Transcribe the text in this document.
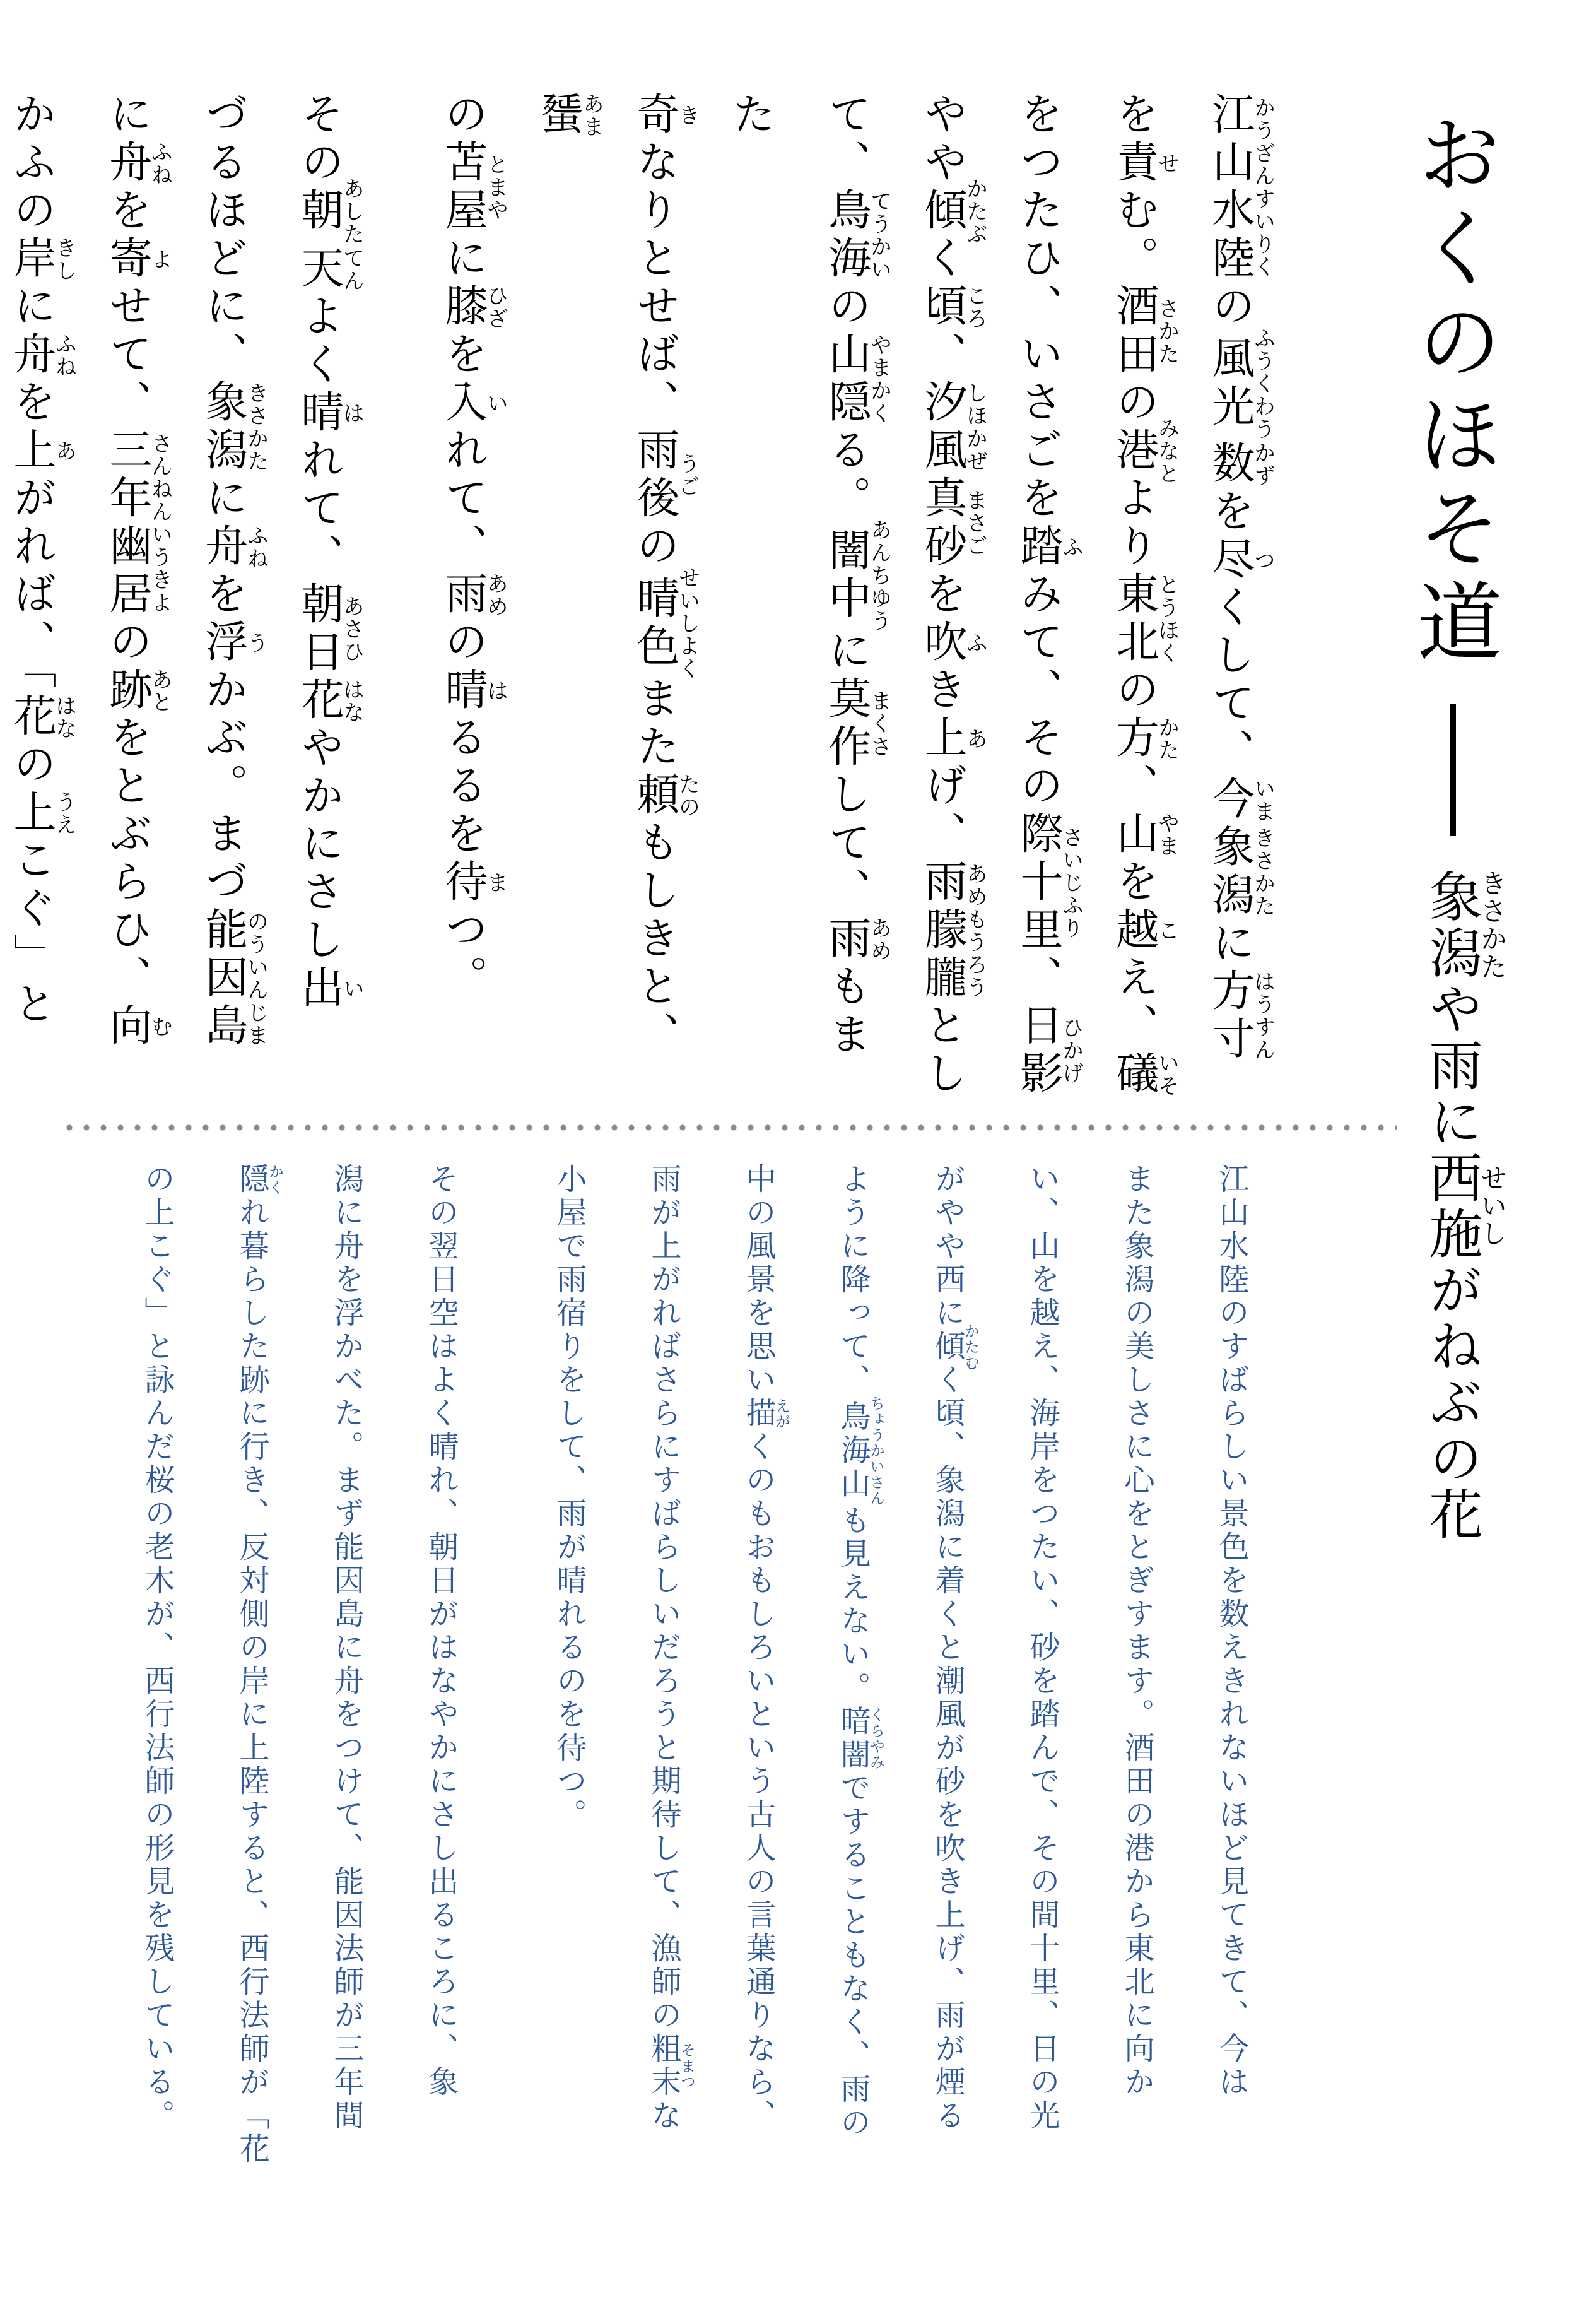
おくのほそ道象潟きさかたや雨に西施せいしがねぶの花
江山水陸かうざんすいりくの風光ふうくわう数かずを尽つくして、今いま象潟きさかたに方寸はうすん
を責せむ。酒田さかたの港みなとより東北とうほくの方かた、山やまを越こえ、礒いそ
をつたひ、いさごを踏ふみて、その際十里さいじふり、日影ひかげ
やや傾かたぶく頃ころ、汐風しほかぜ真砂まさごを吹ふき上あげ、雨朦朧あめもうろうとし
て、鳥海てうかいの山隠やまかくる。闇中あんちゆうに莫作まくさして、雨あめもまた
奇きなりとせば、雨後うごの晴色せいしよくまた頼たのもしきと、蜑あま
の苫屋とまやに膝ひざを入いれて、雨あめの晴はるるを待まつ。
その朝あした天てんよく晴はれて、朝日あさひ花はなやかにさし出い
づるほどに、象潟きさかたに舟ふねを浮うかぶ。まづ能因島のういんじま
に舟ふねを寄よせて、三年幽居さんねんいうきよの跡あとをとぶらひ、向む
かふの岸きしに舟ふねを上あがれば、「花はなの上うえこぐ」と
江山水陸のすばらしい景色を数えきれないほど見てきて、今は
また象潟の美しさに心をとぎすます。酒田の港から東北に向か
い、山を越え、海岸をつたい、砂を踏んで、その間十里、日の光
がやや西に傾かたむく頃、象潟に着くと潮風が砂を吹き上げ、雨が煙る
ように降って、鳥海山ちょうかいさんも見えない。暗闇くらやみですることもなく、雨の
中の風景を思い描えがくのもおもしろいという古人の言葉通りなら、
雨が上がればさらにすばらしいだろうと期待して、漁師の粗末そまつな
小屋で雨宿りをして、雨が晴れるのを待つ。
その翌日空はよく晴れ、朝日がはなやかにさし出るころに、象
潟に舟を浮かべた。まず能因島に舟をつけて、能因法師が三年間
隠かくれ暮らした跡に行き、反対側の岸に上陸すると、西行法師が「花
の上こぐ」と詠んだ桜の老木が、西行法師の形見を残している。
